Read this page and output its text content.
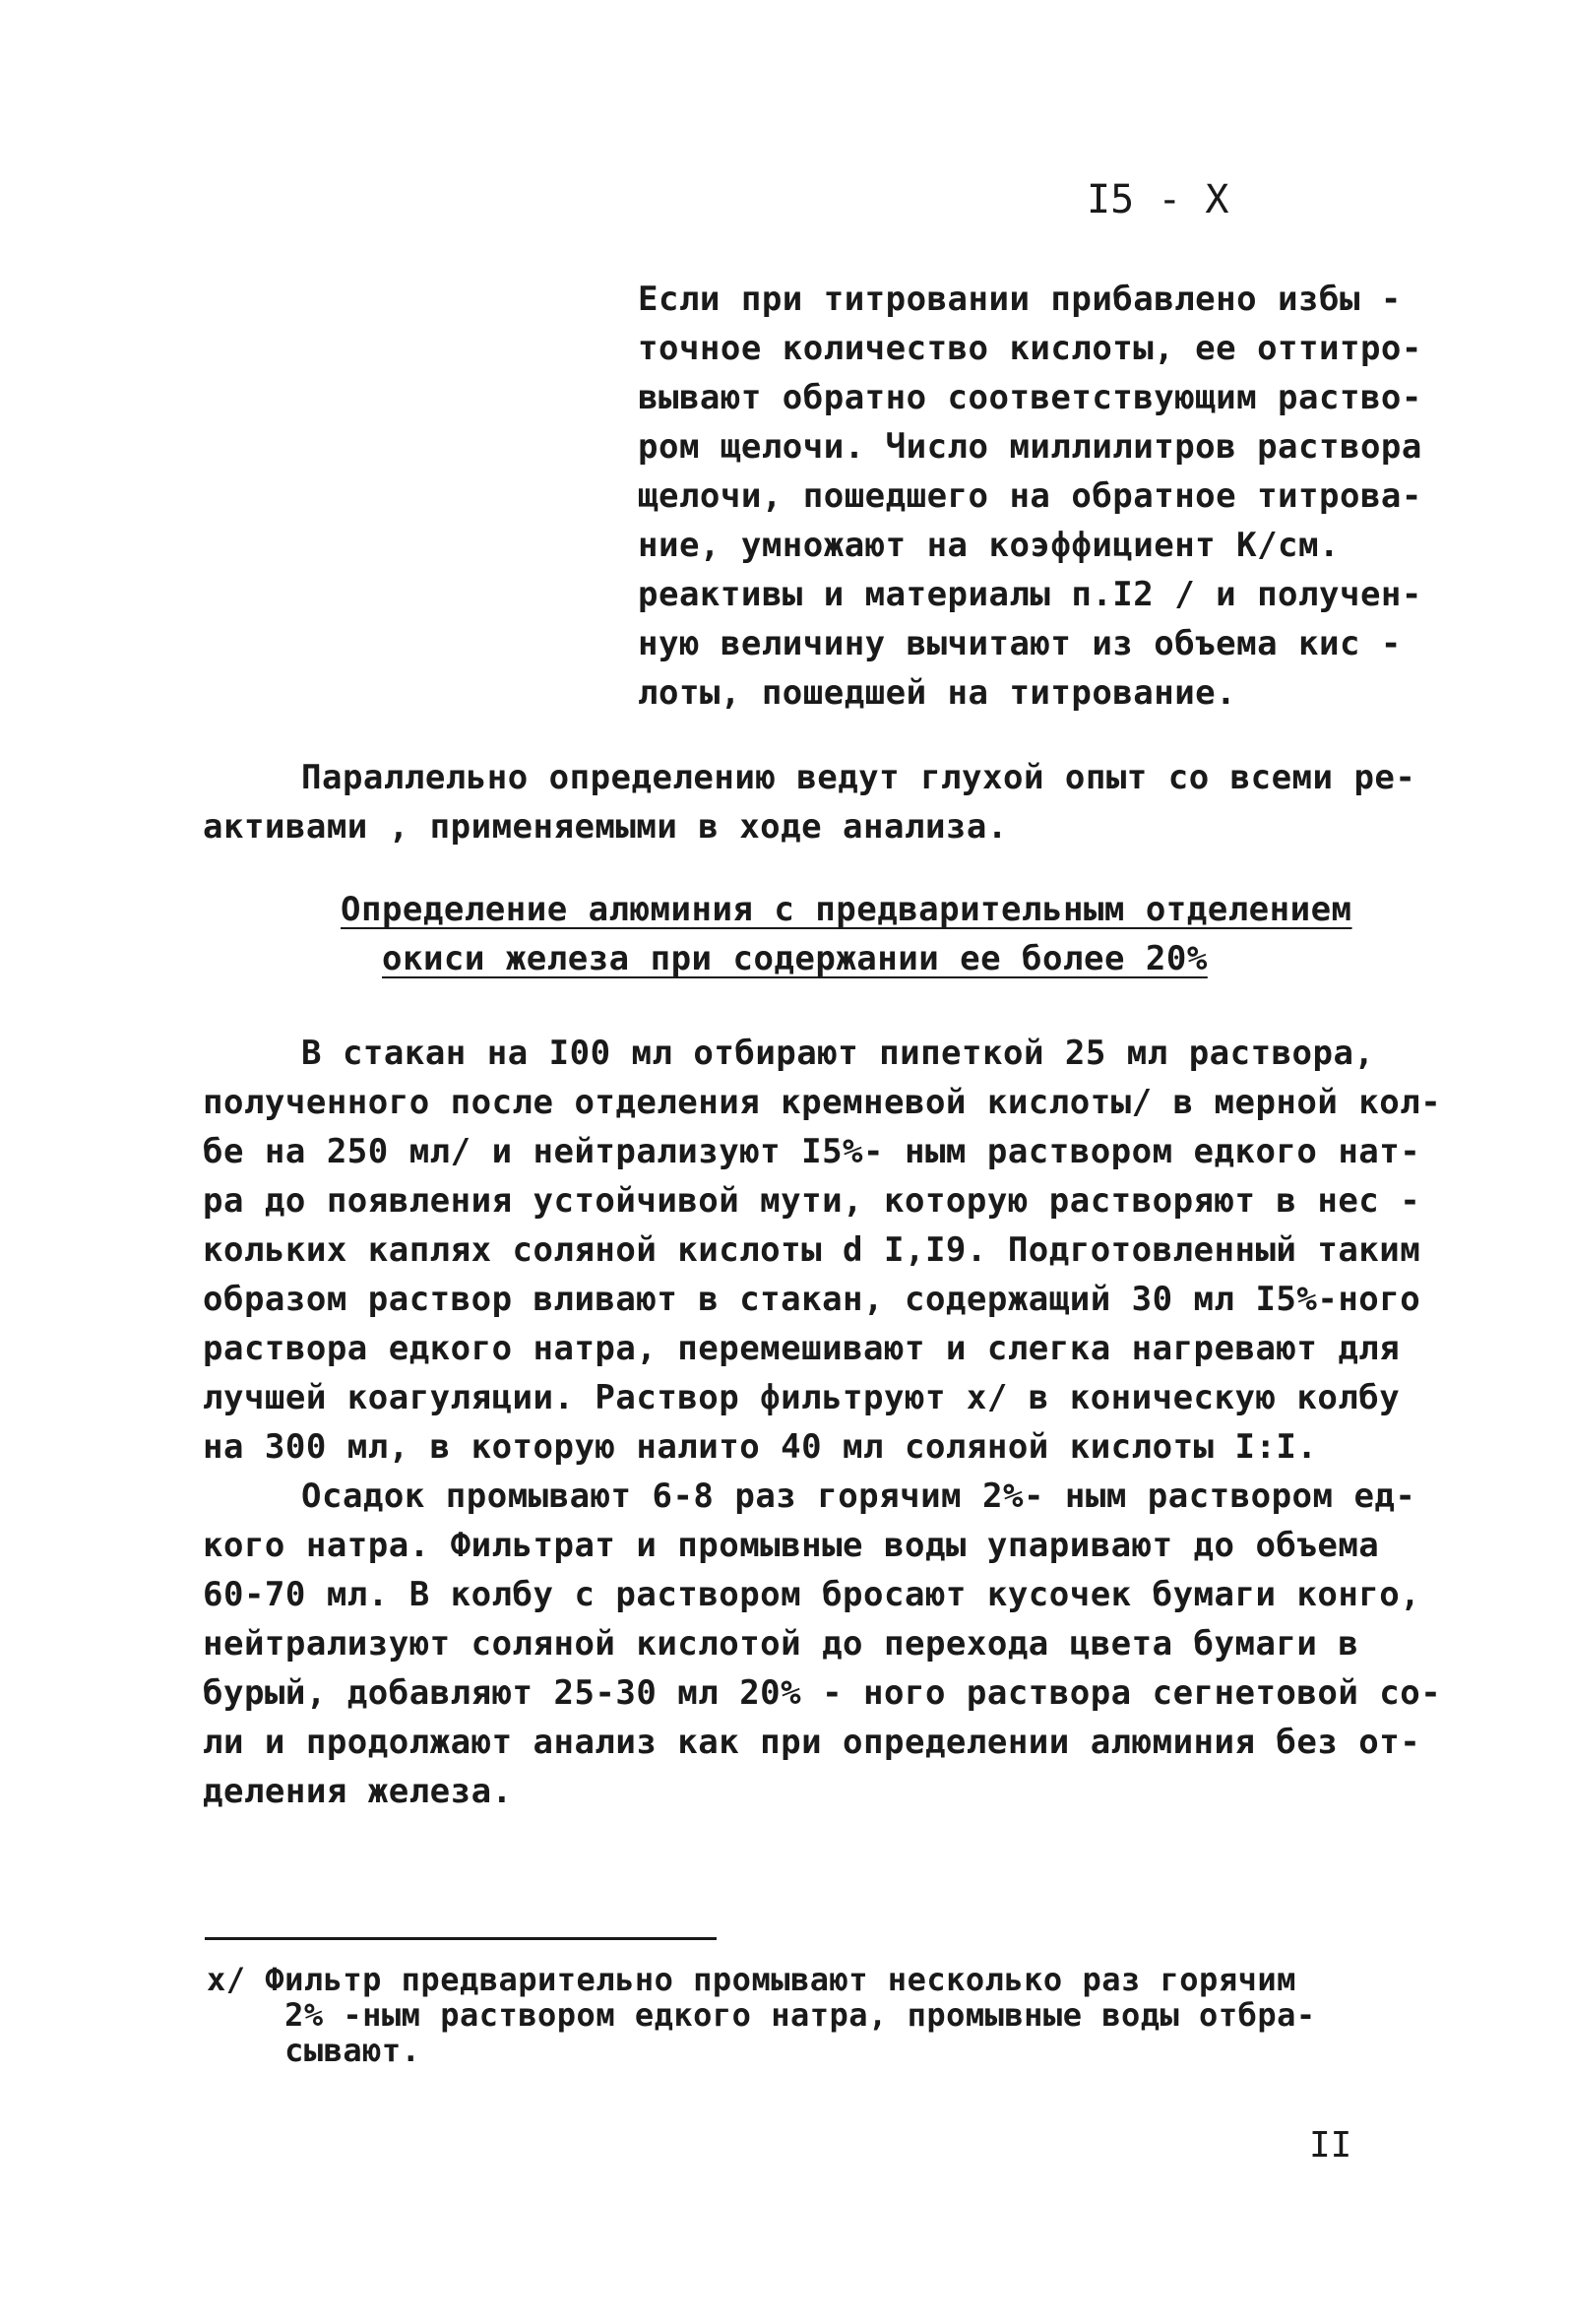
I5 - X
Если при титровании прибавлено избы -
точное количество кислоты, ее оттитро-
вывают обратно соответствующим раство-
ром щелочи. Число миллилитров раствора
щелочи, пошедшего на обратное титрова-
ние, умножают на коэффициент К/см.
реактивы и материалы п.I2 / и получен-
ную величину вычитают из объема кис -
лоты, пошедшей на титрование.
Параллельно определению ведут глухой опыт со всеми ре-
активами , применяемыми в ходе анализа.
Определение алюминия с предварительным отделением
окиси железа при содержании ее более 20%
В стакан на I00 мл отбирают пипеткой 25 мл раствора,
полученного после отделения кремневой кислоты/ в мерной кол-
бе на 250 мл/ и нейтрализуют I5%- ным раствором едкого нат-
ра до появления устойчивой мути, которую растворяют в нес -
кольких каплях соляной кислоты d I,I9. Подготовленный таким
образом раствор вливают в стакан, содержащий 30 мл I5%-ного
раствора едкого натра, перемешивают и слегка нагревают для
лучшей коагуляции. Раствор фильтруют x/ в коническую колбу
на 300 мл, в которую налито 40 мл соляной кислоты I:I.
Осадок промывают 6-8 раз горячим 2%- ным раствором ед-
кого натра. Фильтрат и промывные воды упаривают до объема
60-70 мл. В колбу с раствором бросают кусочек бумаги конго,
нейтрализуют соляной кислотой до перехода цвета бумаги в
бурый, добавляют 25-30 мл 20% - ного раствора сегнетовой со-
ли и продолжают анализ как при определении алюминия без от-
деления железа.
x/ Фильтр предварительно промывают несколько раз горячим
2% -ным раствором едкого натра, промывные воды отбра-
сывают.
II
